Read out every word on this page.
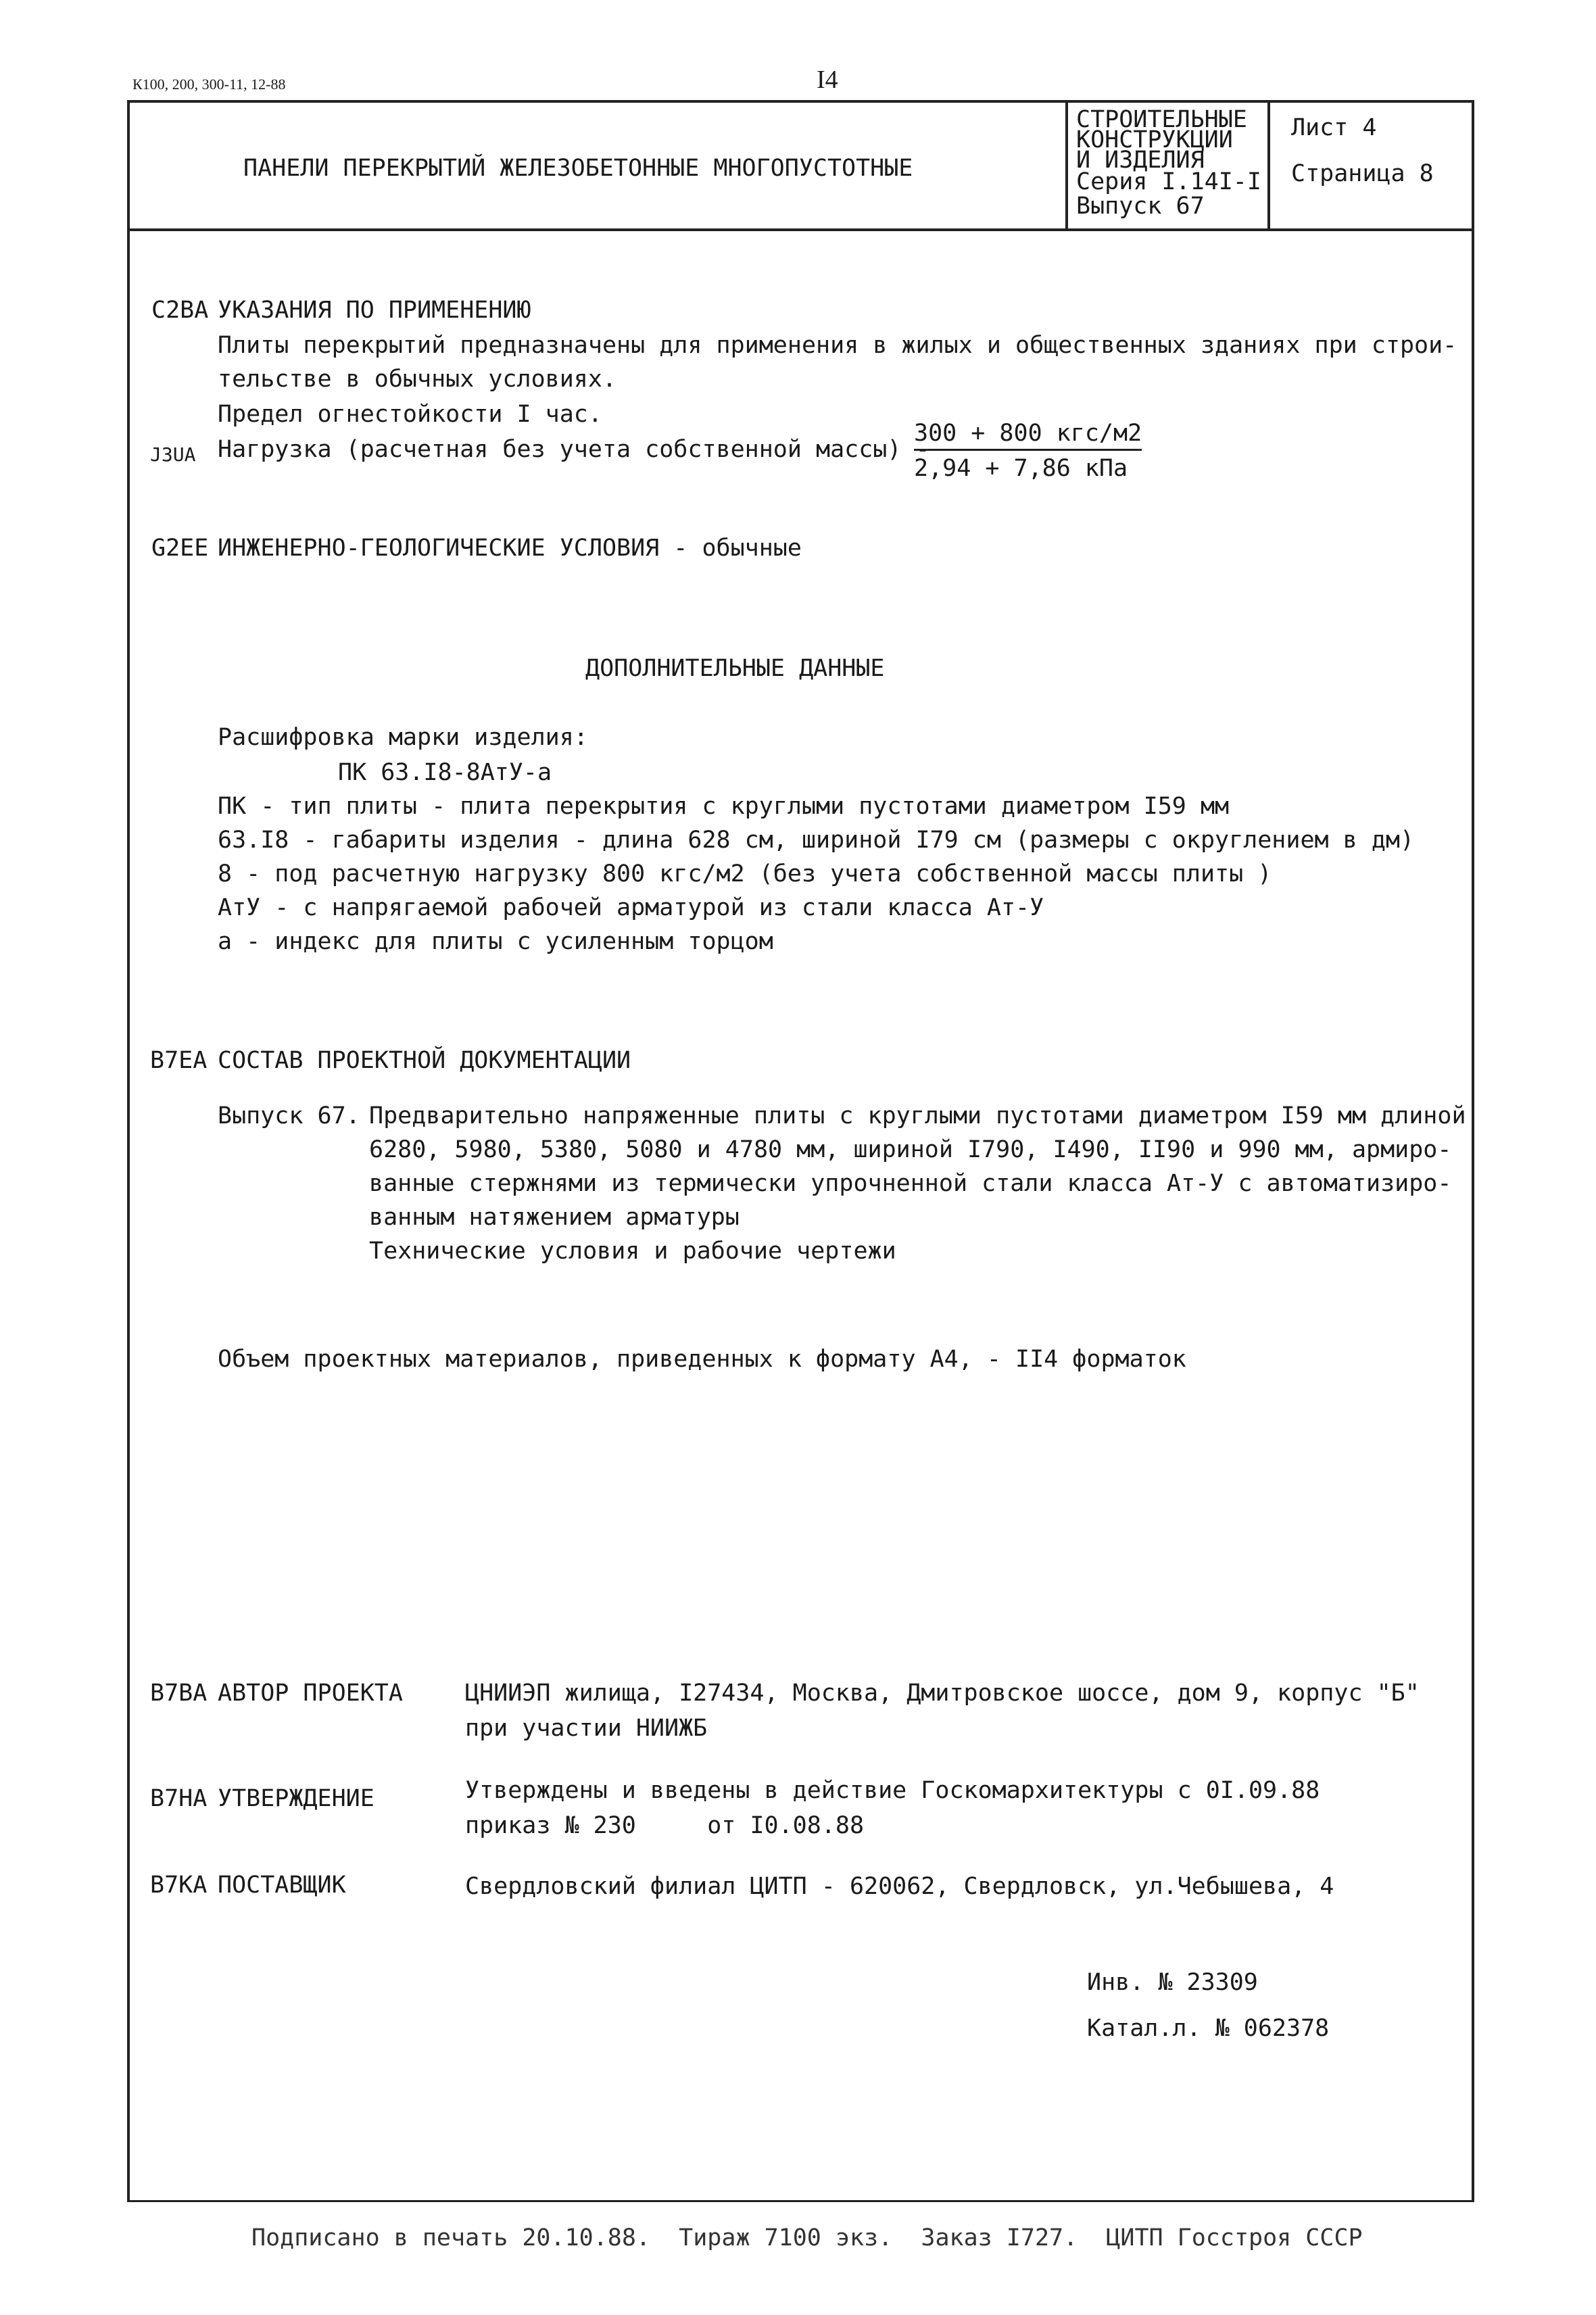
К100, 200, 300-11, 12-88	I4
ПАНЕЛИ ПЕРЕКРЫТИЙ ЖЕЛЕЗОБЕТОННЫЕ МНОГОПУСТОТНЫЕ
СТРОИТЕЛЬНЫЕ
КОНСТРУКЦИИ
И ИЗДЕЛИЯ
Серия I.14I-I
Выпуск 67
Лист 4
Страница 8
С2ВА УКАЗАНИЯ ПО ПРИМЕНЕНИЮ
Плиты перекрытий предназначены для применения в жилых и общественных зданиях при строи-
тельстве в обычных условиях.
Предел огнестойкости I час.
J3UA Нагрузка (расчетная без учета собственной массы) -
300 + 800 кгс/м2
2,94 + 7,86 кПа
G2ЕЕ ИНЖЕНЕРНО-ГЕОЛОГИЧЕСКИЕ УСЛОВИЯ - обычные
ДОПОЛНИТЕЛЬНЫЕ ДАННЫЕ
Расшифровка марки изделия:
ПК 63.I8-8АтУ-а
ПК - тип плиты - плита перекрытия с круглыми пустотами диаметром I59 мм
63.I8 - габариты изделия - длина 628 см, шириной I79 см (размеры с округлением в дм)
8 - под расчетную нагрузку 800 кгс/м2 (без учета собственной массы плиты )
АтУ - с напрягаемой рабочей арматурой из стали класса Ат-У
а - индекс для плиты с усиленным торцом
В7ЕА СОСТАВ ПРОЕКТНОЙ ДОКУМЕНТАЦИИ
Выпуск 67. Предварительно напряженные плиты с круглыми пустотами диаметром I59 мм длиной
6280, 5980, 5380, 5080 и 4780 мм, шириной I790, I490, II90 и 990 мм, армиро-
ванные стержнями из термически упрочненной стали класса Ат-У с автоматизиро-
ванным натяжением арматуры
Технические условия и рабочие чертежи
Объем проектных материалов, приведенных к формату А4, - II4 форматок
В7ВА АВТОР ПРОЕКТА	ЦНИИЭП жилища, I27434, Москва, Дмитровское шоссе, дом 9, корпус "Б"
при участии НИИЖБ
В7НА УТВЕРЖДЕНИЕ	Утверждены и введены в действие Госкомархитектуры с 0I.09.88
приказ № 230     от I0.08.88
В7КА ПОСТАВЩИК	Свердловский филиал ЦИТП - 620062, Свердловск, ул.Чебышева, 4
Инв. № 23309
Катал.л. № 062378
Подписано в печать 20.10.88.  Тираж 7100 экз.  Заказ I727.  ЦИТП Госстроя СССР
